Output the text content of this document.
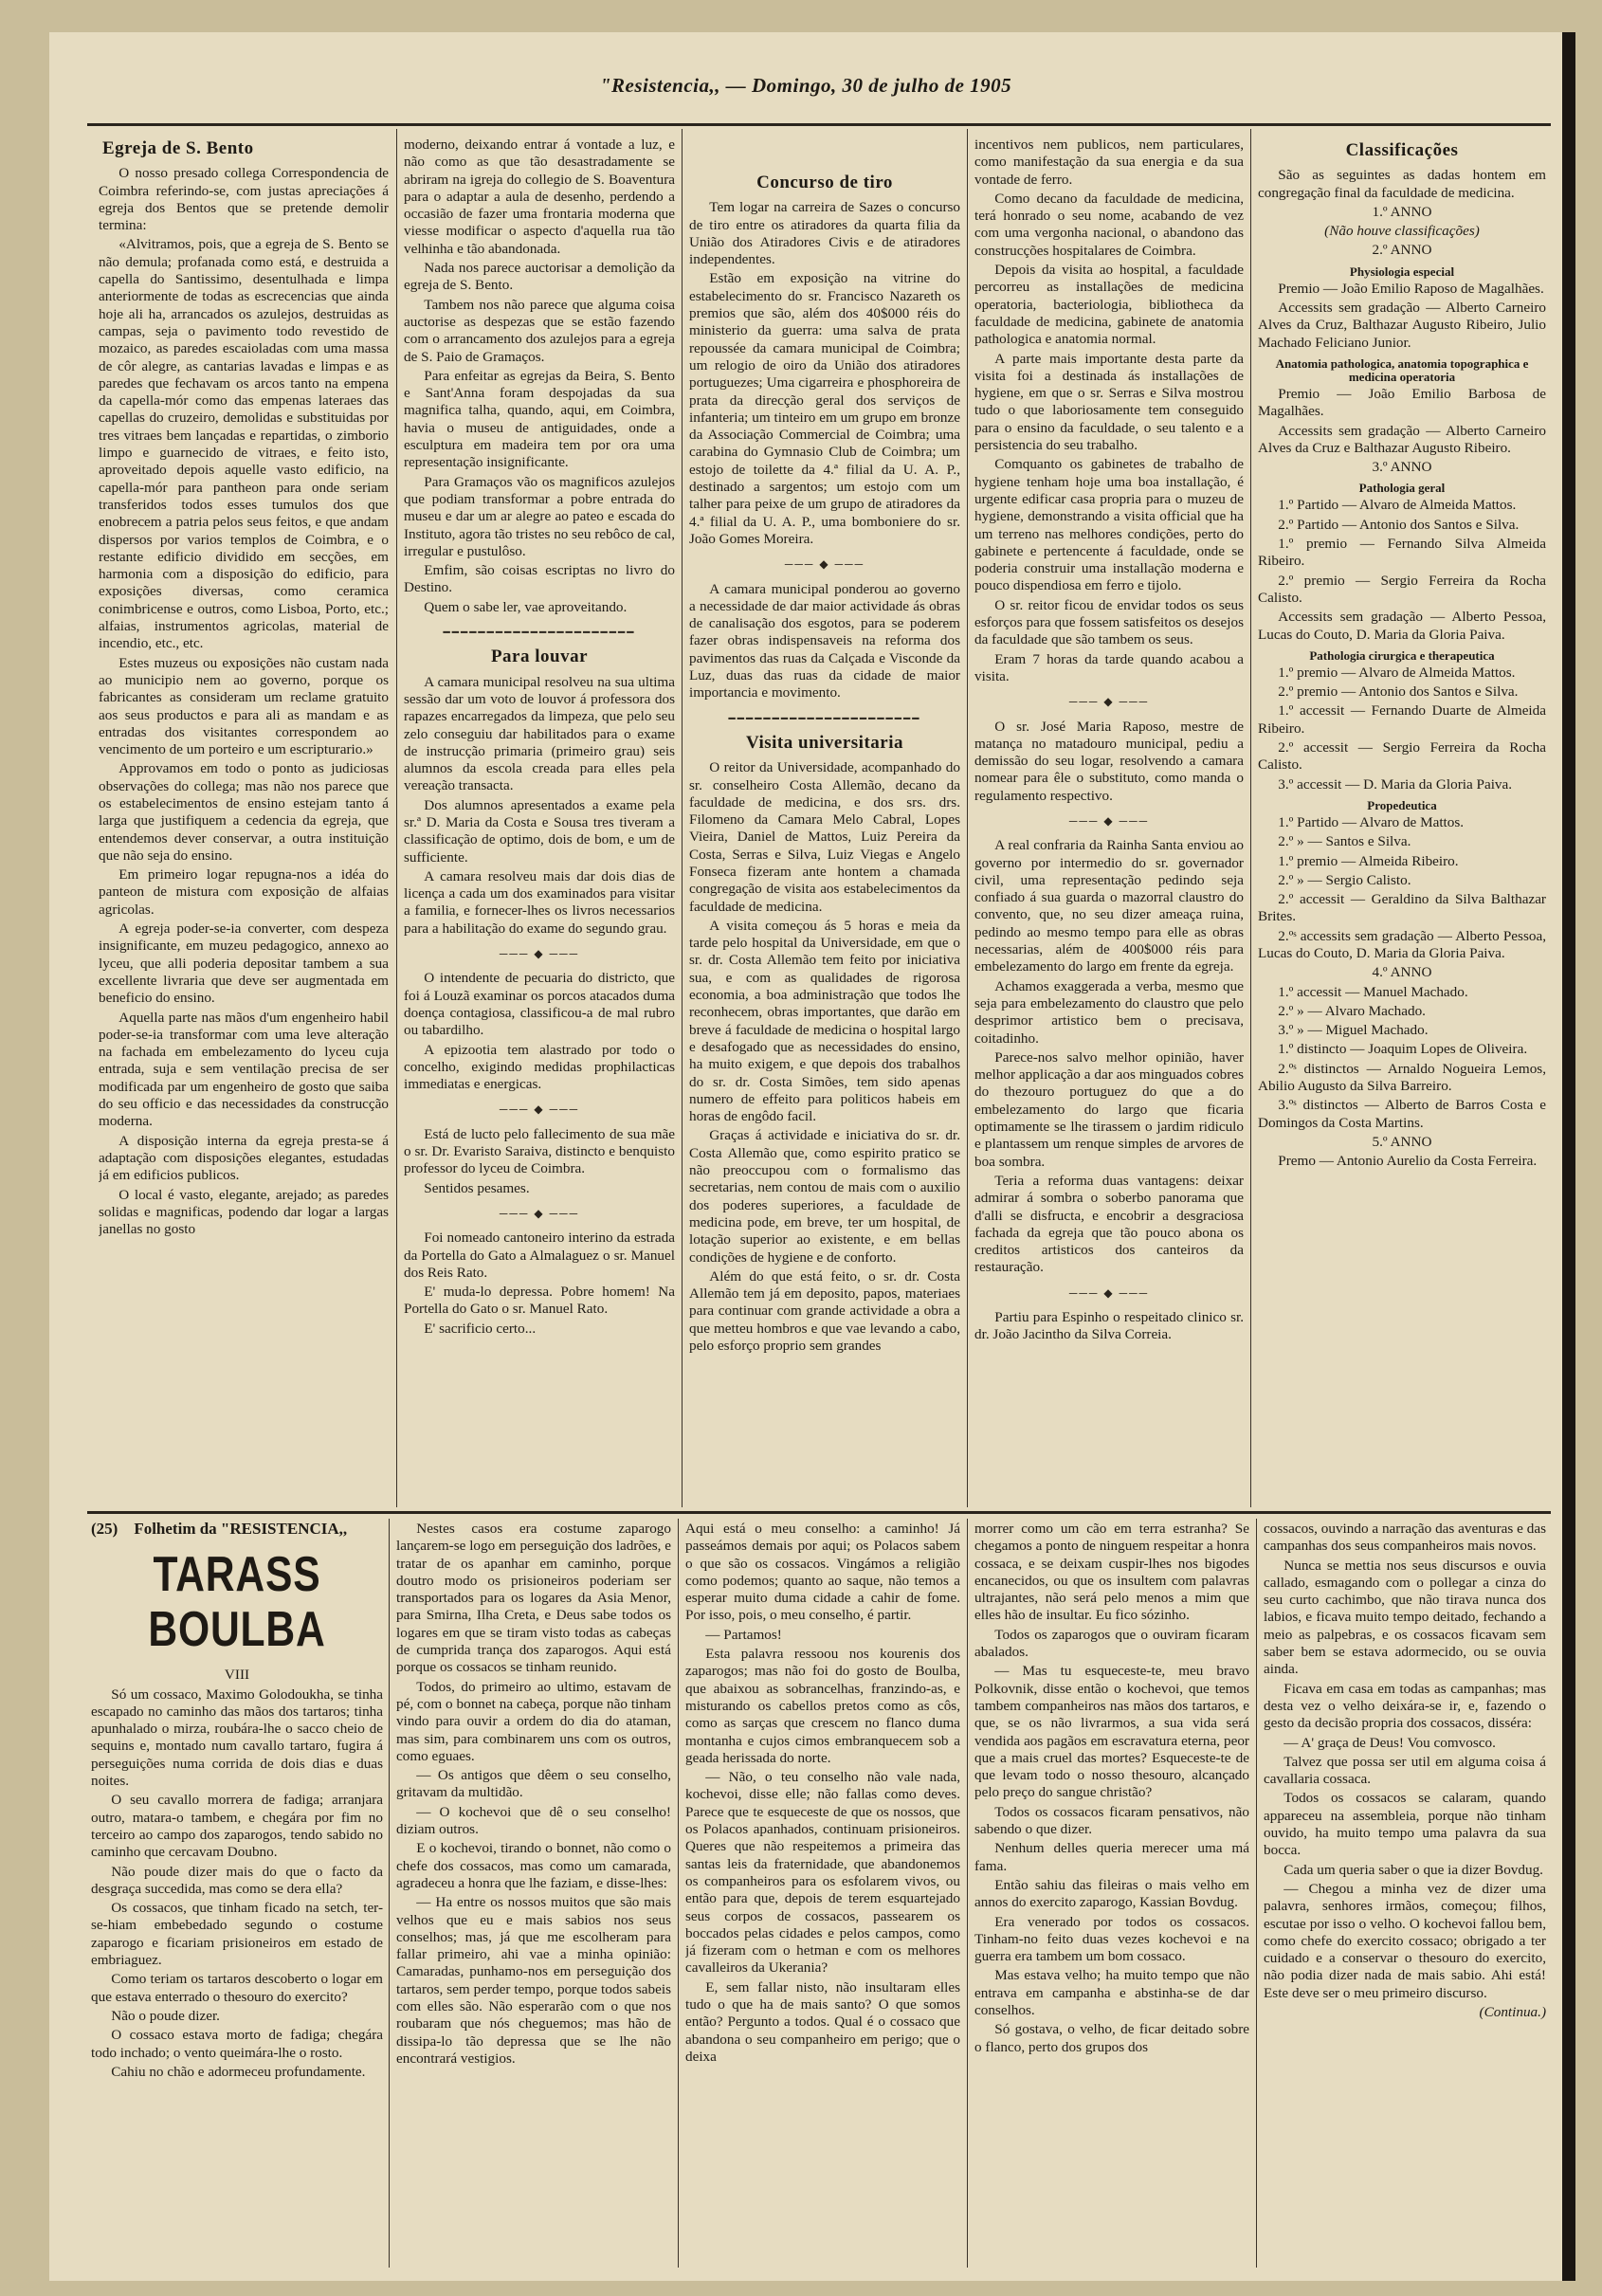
"Resistencia,, — Domingo, 30 de julho de 1905
Egreja de S. Bento

O nosso presado collega Correspondencia de Coimbra referindo-se, com justas apreciações á egreja dos Bentos que se pretende demolir termina:

«Alvitramos, pois, que a egreja de S. Bento se não demula; profanada como está, e destruida a capella do Santissimo, desentulhada e limpa anteriormente de todas as escrecencias que ainda hoje ali ha, arrancados os azulejos, destruidas as campas, seja o pavimento todo revestido de mozaico, as paredes escaioladas com uma massa de côr alegre, as cantarias lavadas e limpas e as paredes que fechavam os arcos tanto na empena da capella-mór como das empenas lateraes das capellas do cruzeiro, demolidas e substituidas por tres vitraes bem lançadas e repartidas, o zimborio limpo e guarnecido de vitraes, e feito isto, aproveitado depois aquelle vasto edificio, na capella-mór para pantheon para onde seriam transferidos todos esses tumulos dos que enobrecem a patria pelos seus feitos, e que andam dispersos por varios templos de Coimbra, e o restante edificio dividido em secções, em harmonia com a disposição do edificio, para exposições diversas, como ceramica conimbricense e outros, como Lisboa, Porto, etc.; alfaias, instrumentos agricolas, material de incendio, etc., etc.

Estes muzeus ou exposições não custam nada ao municipio nem ao governo, porque os fabricantes as consideram um reclame gratuito aos seus productos e para ali as mandam e as entradas dos visitantes correspondem ao vencimento de um porteiro e um escripturario.»

Approvamos em todo o ponto as judiciosas observações do collega; mas não nos parece que os estabelecimentos de ensino estejam tanto á larga que justifiquem a cedencia da egreja, que entendemos dever conservar, a outra instituição que não seja do ensino.

Em primeiro logar repugna-nos a idéa do panteon de mistura com exposição de alfaias agricolas.

A egreja poder-se-ia converter, com despeza insignificante, em muzeu pedagogico, annexo ao lyceu, que alli poderia depositar tambem a sua excellente livraria que deve ser augmentada em beneficio do ensino.

Aquella parte nas mãos d'um engenheiro habil poder-se-ia transformar com uma leve alteração na fachada em embelezamento do lyceu cuja entrada, suja e sem ventilação precisa de ser modificada par um engenheiro de gosto que saiba do seu officio e das necessidades da construcção moderna.

A disposição interna da egreja presta-se á adaptação com disposições elegantes, estudadas já em edificios publicos.

O local é vasto, elegante, arejado; as paredes solidas e magnificas, podendo dar logar a largas janellas no gosto

moderno, deixando entrar á vontade a luz, e não como as que tão desastradamente se abriram na igreja do collegio de S. Boaventura para o adaptar a aula de desenho, perdendo a occasião de fazer uma frontaria moderna que viesse modificar o aspecto d'aquella rua tão velhinha e tão abandonada.

Nada nos parece auctorisar a demolição da egreja de S. Bento.

Tambem nos não parece que alguma coisa auctorise as despezas que se estão fazendo com o arrancamento dos azulejos para a egreja de S. Paio de Gramaços.

Para enfeitar as egrejas da Beira, S. Bento e Sant'Anna foram despojadas da sua magnifica talha, quando, aqui, em Coimbra, havia o museu de antiguidades, onde a esculptura em madeira tem por ora uma representação insignificante.

Para Gramaços vão os magnificos azulejos que podiam transformar a pobre entrada do museu e dar um ar alegre ao pateo e escada do Instituto, agora tão tristes no seu rebôco de cal, irregular e pustulôso.

Emfim, são coisas escriptas no livro do Destino.

Quem o sabe ler, vae aproveitando.

━━━━━━━━━━━━━━━━━━━━━━
Para louvar

A camara municipal resolveu na sua ultima sessão dar um voto de louvor á professora dos rapazes encarregados da limpeza, que pelo seu zelo conseguiu dar habilitados para o exame de instrucção primaria (primeiro grau) seis alumnos da escola creada para elles pela vereação transacta.

Dos alumnos apresentados a exame pela sr.ª D. Maria da Costa e Sousa tres tiveram a classificação de optimo, dois de bom, e um de sufficiente.

A camara resolveu mais dar dois dias de licença a cada um dos examinados para visitar a familia, e fornecer-lhes os livros necessarios para a habilitação do exame do segundo grau.

─── ◆ ───

O intendente de pecuaria do districto, que foi á Louzã examinar os porcos atacados duma doença contagiosa, classificou-a de mal rubro ou tabardilho.

A epizootia tem alastrado por todo o concelho, exigindo medidas prophilacticas immediatas e energicas.

─── ◆ ───

Está de lucto pelo fallecimento de sua mãe o sr. Dr. Evaristo Saraiva, distincto e benquisto professor do lyceu de Coimbra.

Sentidos pesames.

─── ◆ ───

Foi nomeado cantoneiro interino da estrada da Portella do Gato a Almalaguez o sr. Manuel dos Reis Rato.

E' muda-lo depressa. Pobre homem! Na Portella do Gato o sr. Manuel Rato.

E' sacrificio certo...

Concurso de tiro

Tem logar na carreira de Sazes o concurso de tiro entre os atiradores da quarta filia da União dos Atiradores Civis e de atiradores independentes.

Estão em exposição na vitrine do estabelecimento do sr. Francisco Nazareth os premios que são, além dos 40$000 réis do ministerio da guerra: uma salva de prata repoussée da camara municipal de Coimbra; um relogio de oiro da União dos atiradores portuguezes; Uma cigarreira e phosphoreira de prata da direcção geral dos serviços de infanteria; um tinteiro em um grupo em bronze da Associação Commercial de Coimbra; uma carabina do Gymnasio Club de Coimbra; um estojo de toilette da 4.ª filial da U. A. P., destinado a sargentos; um estojo com um talher para peixe de um grupo de atiradores da 4.ª filial da U. A. P., uma bomboniere do sr. João Gomes Moreira.

─── ◆ ───

A camara municipal ponderou ao governo a necessidade de dar maior actividade ás obras de canalisação dos esgotos, para se poderem fazer obras indispensaveis na reforma dos pavimentos das ruas da Calçada e Visconde da Luz, duas das ruas da cidade de maior importancia e movimento.

━━━━━━━━━━━━━━━━━━━━━━
Visita universitaria

O reitor da Universidade, acompanhado do sr. conselheiro Costa Allemão, decano da faculdade de medicina, e dos srs. drs. Filomeno da Camara Melo Cabral, Lopes Vieira, Daniel de Mattos, Luiz Pereira da Costa, Serras e Silva, Luiz Viegas e Angelo Fonseca fizeram ante hontem a chamada congregação de visita aos estabelecimentos da faculdade de medicina.

A visita começou ás 5 horas e meia da tarde pelo hospital da Universidade, em que o sr. dr. Costa Allemão tem feito por iniciativa sua, e com as qualidades de rigorosa economia, a boa administração que todos lhe reconhecem, obras importantes, que darão em breve á faculdade de medicina o hospital largo e desafogado que as necessidades do ensino, ha muito exigem, e que depois dos trabalhos do sr. dr. Costa Simões, tem sido apenas numero de effeito para politicos habeis em horas de engôdo facil.

Graças á actividade e iniciativa do sr. dr. Costa Allemão que, como espirito pratico se não preoccupou com o formalismo das secretarias, nem contou de mais com o auxilio dos poderes superiores, a faculdade de medicina pode, em breve, ter um hospital, de lotação superior ao existente, e em bellas condições de hygiene e de conforto.

Além do que está feito, o sr. dr. Costa Allemão tem já em deposito, papos, materiaes para continuar com grande actividade a obra a que metteu hombros e que vae levando a cabo, pelo esforço proprio sem grandes

incentivos nem publicos, nem particulares, como manifestação da sua energia e da sua vontade de ferro.

Como decano da faculdade de medicina, terá honrado o seu nome, acabando de vez com uma vergonha nacional, o abandono das construcções hospitalares de Coimbra.

Depois da visita ao hospital, a faculdade percorreu as installações de medicina operatoria, bacteriologia, bibliotheca da faculdade de medicina, gabinete de anatomia pathologica e anatomia normal.

A parte mais importante desta parte da visita foi a destinada ás installações de hygiene, em que o sr. Serras e Silva mostrou tudo o que laboriosamente tem conseguido para o ensino da faculdade, o seu talento e a persistencia do seu trabalho.

Comquanto os gabinetes de trabalho de hygiene tenham hoje uma boa installação, é urgente edificar casa propria para o muzeu de hygiene, demonstrando a visita official que ha um terreno nas melhores condições, perto do gabinete e pertencente á faculdade, onde se poderia construir uma installação moderna e pouco dispendiosa em ferro e tijolo.

O sr. reitor ficou de envidar todos os seus esforços para que fossem satisfeitos os desejos da faculdade que são tambem os seus.

Eram 7 horas da tarde quando acabou a visita.

─── ◆ ───

O sr. José Maria Raposo, mestre de matança no matadouro municipal, pediu a demissão do seu logar, resolvendo a camara nomear para êle o substituto, como manda o regulamento respectivo.

─── ◆ ───

A real confraria da Rainha Santa enviou ao governo por intermedio do sr. governador civil, uma representação pedindo seja confiado á sua guarda o mazorral claustro do convento, que, no seu dizer ameaça ruina, pedindo ao mesmo tempo para elle as obras necessarias, além de 400$000 réis para embelezamento do largo em frente da egreja.

Achamos exaggerada a verba, mesmo que seja para embelezamento do claustro que pelo desprimor artistico bem o precisava, coitadinho.

Parece-nos salvo melhor opinião, haver melhor applicação a dar aos minguados cobres do thezouro portuguez do que a do embelezamento do largo que ficaria optimamente se lhe tirassem o jardim ridiculo e plantassem um renque simples de arvores de boa sombra.

Teria a reforma duas vantagens: deixar admirar á sombra o soberbo panorama que d'alli se disfructa, e encobrir a desgraciosa fachada da egreja que tão pouco abona os creditos artisticos dos canteiros da restauração.

─── ◆ ───

Partiu para Espinho o respeitado clinico sr. dr. João Jacintho da Silva Correia.

Classificações

São as seguintes as dadas hontem em congregação final da faculdade de medicina.

1.º ANNO

(Não houve classificações)

2.º ANNO

Physiologia especial

Premio — João Emilio Raposo de Magalhães.

Accessits sem gradação — Alberto Carneiro Alves da Cruz, Balthazar Augusto Ribeiro, Julio Machado Feliciano Junior.

Anatomia pathologica, anatomia topographica e medicina operatoria

Premio — João Emilio Barbosa de Magalhães.

Accessits sem gradação — Alberto Carneiro Alves da Cruz e Balthazar Augusto Ribeiro.

3.º ANNO

Pathologia geral

1.º Partido — Alvaro de Almeida Mattos.

2.º Partido — Antonio dos Santos e Silva.

1.º premio — Fernando Silva Almeida Ribeiro.

2.º premio — Sergio Ferreira da Rocha Calisto.

Accessits sem gradação — Alberto Pessoa, Lucas do Couto, D. Maria da Gloria Paiva.

Pathologia cirurgica e therapeutica

1.º premio — Alvaro de Almeida Mattos.

2.º premio — Antonio dos Santos e Silva.

1.º accessit — Fernando Duarte de Almeida Ribeiro.

2.º accessit — Sergio Ferreira da Rocha Calisto.

3.º accessit — D. Maria da Gloria Paiva.

Propedeutica

1.º Partido — Alvaro de Mattos.

2.º » — Santos e Silva.

1.º premio — Almeida Ribeiro.

2.º » — Sergio Calisto.

2.º accessit — Geraldino da Silva Balthazar Brites.

2.ºˢ accessits sem gradação — Alberto Pessoa, Lucas do Couto, D. Maria da Gloria Paiva.

4.º ANNO

1.º accessit — Manuel Machado.

2.º » — Alvaro Machado.

3.º » — Miguel Machado.

1.º distincto — Joaquim Lopes de Oliveira.

2.ºˢ distinctos — Arnaldo Nogueira Lemos, Abilio Augusto da Silva Barreiro.

3.ºˢ distinctos — Alberto de Barros Costa e Domingos da Costa Martins.

5.º ANNO

Premo — Antonio Aurelio da Costa Ferreira.

(25) Folhetim da "RESISTENCIA,,
TARASS BOULBA

VIII

Só um cossaco, Maximo Golodoukha, se tinha escapado no caminho das mãos dos tartaros; tinha apunhalado o mirza, roubára-lhe o sacco cheio de sequins e, montado num cavallo tartaro, fugira á perseguições numa corrida de dois dias e duas noites.

O seu cavallo morrera de fadiga; arranjara outro, matara-o tambem, e chegára por fim no terceiro ao campo dos zaparogos, tendo sabido no caminho que cercavam Doubno.

Não poude dizer mais do que o facto da desgraça succedida, mas como se dera ella?

Os cossacos, que tinham ficado na setch, ter-se-hiam embebedado segundo o costume zaparogo e ficariam prisioneiros em estado de embriaguez.

Como teriam os tartaros descoberto o logar em que estava enterrado o thesouro do exercito?

Não o poude dizer.

O cossaco estava morto de fadiga; chegára todo inchado; o vento queimára-lhe o rosto.

Cahiu no chão e adormeceu profundamente.

Nestes casos era costume zaparogo lançarem-se logo em perseguição dos ladrões, e tratar de os apanhar em caminho, porque doutro modo os prisioneiros poderiam ser transportados para os logares da Asia Menor, para Smirna, Ilha Creta, e Deus sabe todos os logares em que se tiram visto todas as cabeças de cumprida trança dos zaparogos. Aqui está porque os cossacos se tinham reunido.

Todos, do primeiro ao ultimo, estavam de pé, com o bonnet na cabeça, porque não tinham vindo para ouvir a ordem do dia do ataman, mas sim, para combinarem uns com os outros, como eguaes.

— Os antigos que dêem o seu conselho, gritavam da multidão.

— O kochevoi que dê o seu conselho! diziam outros.

E o kochevoi, tirando o bonnet, não como o chefe dos cossacos, mas como um camarada, agradeceu a honra que lhe faziam, e disse-lhes:

— Ha entre os nossos muitos que são mais velhos que eu e mais sabios nos seus conselhos; mas, já que me escolheram para fallar primeiro, ahi vae a minha opinião: Camaradas, punhamo-nos em perseguição dos tartaros, sem perder tempo, porque todos sabeis com elles são. Não esperarão com o que nos roubaram que nós cheguemos; mas hão de dissipa-lo tão depressa que se lhe não encontrará vestigios.

Aqui está o meu conselho: a caminho! Já passeámos demais por aqui; os Polacos sabem o que são os cossacos. Vingámos a religião como podemos; quanto ao saque, não temos a esperar muito duma cidade a cahir de fome. Por isso, pois, o meu conselho, é partir.

— Partamos!

Esta palavra ressoou nos kourenis dos zaparogos; mas não foi do gosto de Boulba, que abaixou as sobrancelhas, franzindo-as, e misturando os cabellos pretos como as côs, como as sarças que crescem no flanco duma montanha e cujos cimos embranquecem sob a geada herissada do norte.

— Não, o teu conselho não vale nada, kochevoi, disse elle; não fallas como deves. Parece que te esqueceste de que os nossos, que os Polacos apanhados, continuam prisioneiros. Queres que não respeitemos a primeira das santas leis da fraternidade, que abandonemos os companheiros para os esfolarem vivos, ou então para que, depois de terem esquartejado seus corpos de cossacos, passearem os boccados pelas cidades e pelos campos, como já fizeram com o hetman e com os melhores cavalleiros da Ukerania?

E, sem fallar nisto, não insultaram elles tudo o que ha de mais santo? O que somos então? Pergunto a todos. Qual é o cossaco que abandona o seu companheiro em perigo; que o deixa

morrer como um cão em terra estranha? Se chegamos a ponto de ninguem respeitar a honra cossaca, e se deixam cuspir-lhes nos bigodes encanecidos, ou que os insultem com palavras ultrajantes, não será pelo menos a mim que elles hão de insultar. Eu fico sózinho.

Todos os zaparogos que o ouviram ficaram abalados.

— Mas tu esqueceste-te, meu bravo Polkovnik, disse então o kochevoi, que temos tambem companheiros nas mãos dos tartaros, e que, se os não livrarmos, a sua vida será vendida aos pagãos em escravatura eterna, peor que a mais cruel das mortes? Esqueceste-te de que levam todo o nosso thesouro, alcançado pelo preço do sangue christão?

Todos os cossacos ficaram pensativos, não sabendo o que dizer.

Nenhum delles queria merecer uma má fama.

Então sahiu das fileiras o mais velho em annos do exercito zaparogo, Kassian Bovdug.

Era venerado por todos os cossacos. Tinham-no feito duas vezes kochevoi e na guerra era tambem um bom cossaco.

Mas estava velho; ha muito tempo que não entrava em campanha e abstinha-se de dar conselhos.

Só gostava, o velho, de ficar deitado sobre o flanco, perto dos grupos dos

cossacos, ouvindo a narração das aventuras e das campanhas dos seus companheiros mais novos.

Nunca se mettia nos seus discursos e ouvia callado, esmagando com o pollegar a cinza do seu curto cachimbo, que não tirava nunca dos labios, e ficava muito tempo deitado, fechando a meio as palpebras, e os cossacos ficavam sem saber bem se estava adormecido, ou se ouvia ainda.

Ficava em casa em todas as campanhas; mas desta vez o velho deixára-se ir, e, fazendo o gesto da decisão propria dos cossacos, disséra:

— A' graça de Deus! Vou comvosco.

Talvez que possa ser util em alguma coisa á cavallaria cossaca.

Todos os cossacos se calaram, quando appareceu na assembleia, porque não tinham ouvido, ha muito tempo uma palavra da sua bocca.

Cada um queria saber o que ia dizer Bovdug.

— Chegou a minha vez de dizer uma palavra, senhores irmãos, começou; filhos, escutae por isso o velho. O kochevoi fallou bem, como chefe do exercito cossaco; obrigado a ter cuidado e a conservar o thesouro do exercito, não podia dizer nada de mais sabio. Ahi está! Este deve ser o meu primeiro discurso.

(Continua.)
